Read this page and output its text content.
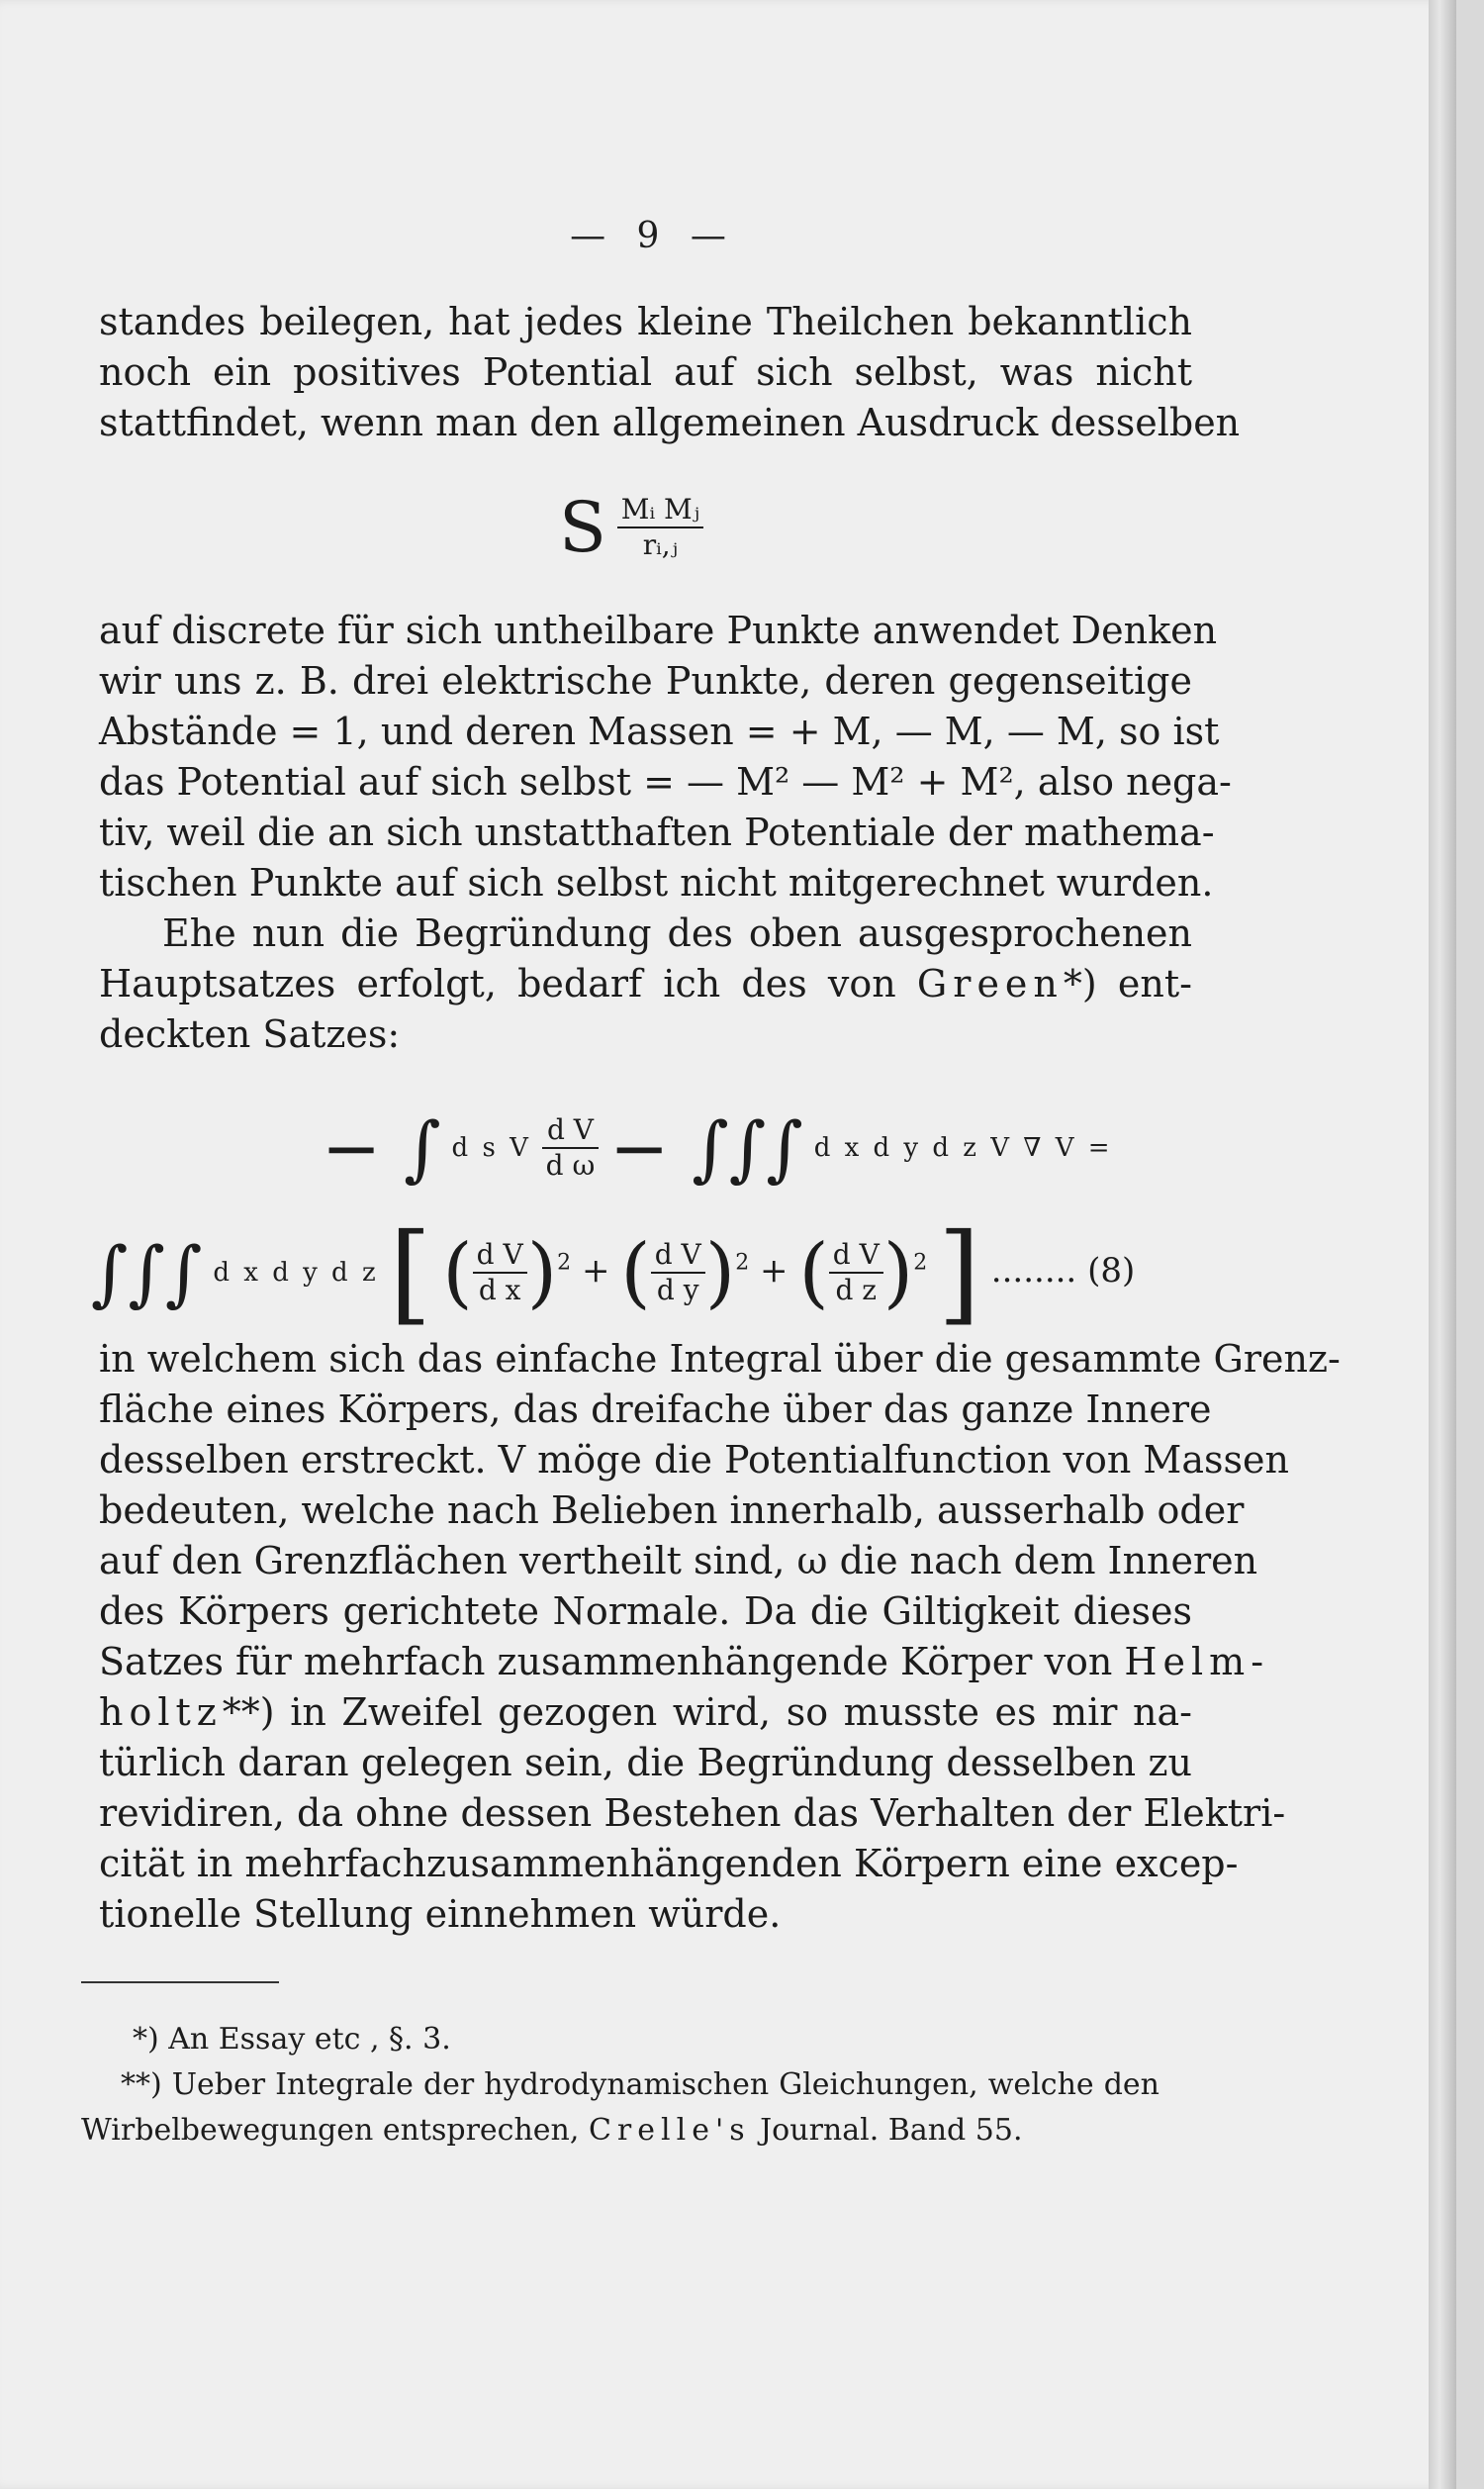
— 9 —
standes beilegen, hat jedes kleine Theilchen bekanntlich
noch ein positives Potential auf sich selbst, was nicht
stattfindet, wenn man den allgemeinen Ausdruck desselben
S $\frac{\text{Mᵢ Mⱼ}}{\text{rᵢ,ⱼ}}$
auf discrete für sich untheilbare Punkte anwendet Denken
wir uns z. B. drei elektrische Punkte, deren gegenseitige
Abstände = 1, und deren Massen = + M, — M, — M, so ist
das Potential auf sich selbst = — M² — M² + M², also nega-
tiv, weil die an sich unstatthaften Potentiale der mathema-
tischen Punkte auf sich selbst nicht mitgerechnet wurden.
Ehe nun die Begründung des oben ausgesprochenen
Hauptsatzes erfolgt, bedarf ich des von Green*) ent-
deckten Satzes:
− ∫ d s V $\frac{\text{d V}}{\text{d ω}}$ − ∫∫∫ d x d y d z V ∇ V =
∫∫∫ d x d y d z [ ( $\frac{\text{d V}}{\text{d x}} )^2$ + ( $\frac{\text{d V}}{\text{d y}} )^2$ + ( $\frac{\text{d V}}{\text{d z}} )^2$ ] ........ (8)
in welchem sich das einfache Integral über die gesammte Grenz-
fläche eines Körpers, das dreifache über das ganze Innere
desselben erstreckt. V möge die Potentialfunction von Massen
bedeuten, welche nach Belieben innerhalb, ausserhalb oder
auf den Grenzflächen vertheilt sind, ω die nach dem Inneren
des Körpers gerichtete Normale. Da die Giltigkeit dieses
Satzes für mehrfach zusammenhängende Körper von Helm-
holtz**) in Zweifel gezogen wird, so musste es mir na-
türlich daran gelegen sein, die Begründung desselben zu
revidiren, da ohne dessen Bestehen das Verhalten der Elektri-
cität in mehrfachzusammenhängenden Körpern eine excep-
tionelle Stellung einnehmen würde.
*) An Essay etc , §. 3.
**) Ueber Integrale der hydrodynamischen Gleichungen, welche den
Wirbelbewegungen entsprechen, Crelle's Journal. Band 55.
